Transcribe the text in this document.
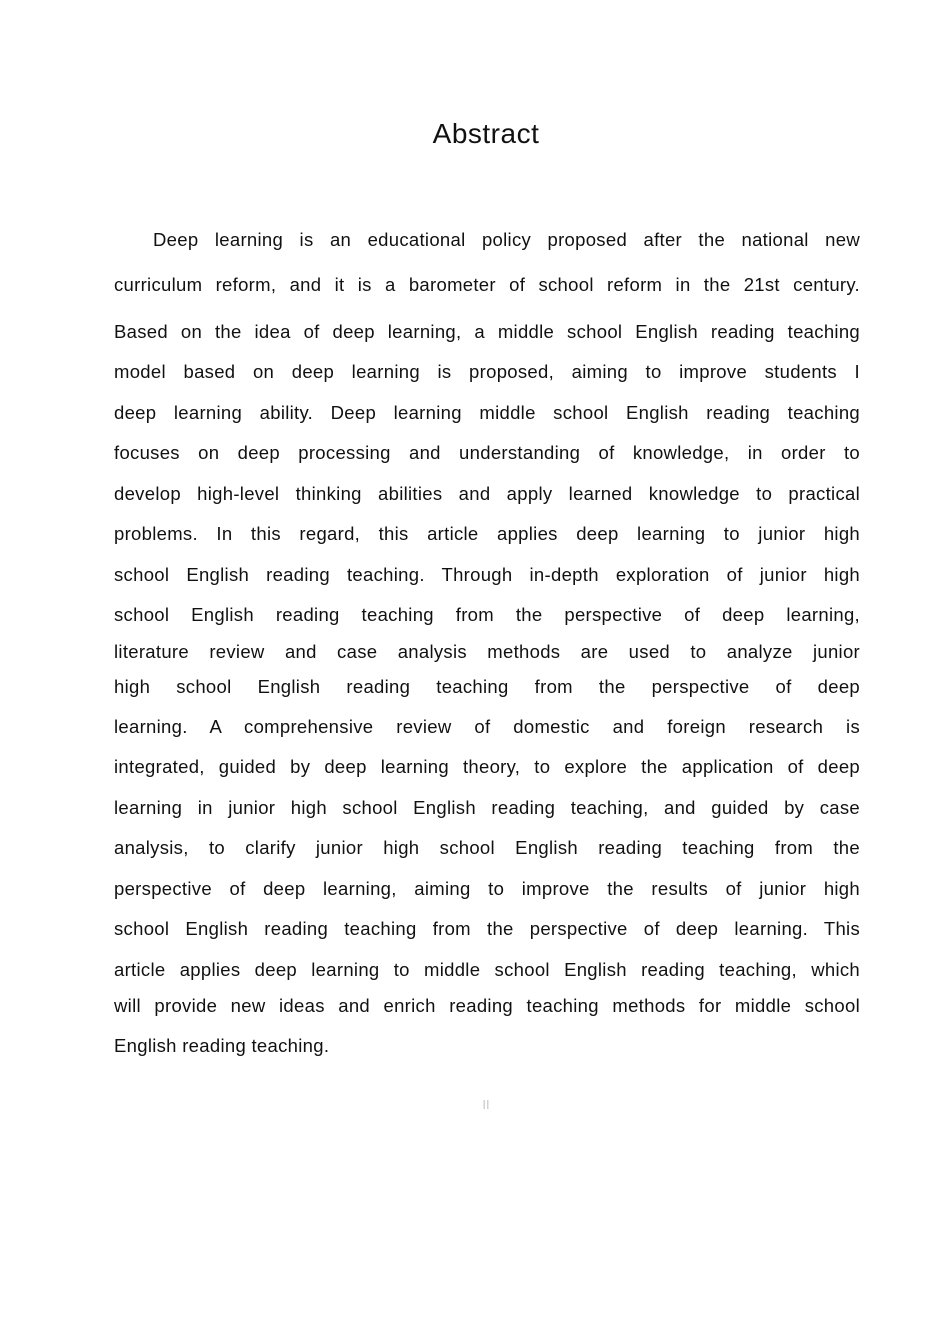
Abstract
Deep learning is an educational policy proposed after the national new
curriculum reform, and it is a barometer of school reform in the 21st century.
Based on the idea of deep learning, a middle school English reading teaching
model based on deep learning is proposed, aiming to improve students I
deep learning ability. Deep learning middle school English reading teaching
focuses on deep processing and understanding of knowledge, in order to
develop high-level thinking abilities and apply learned knowledge to practical
problems. In this regard, this article applies deep learning to junior high
school English reading teaching. Through in-depth exploration of junior high
school English reading teaching from the perspective of deep learning,
literature review and case analysis methods are used to analyze junior
high school English reading teaching from the perspective of deep
learning. A comprehensive review of domestic and foreign research is
integrated, guided by deep learning theory, to explore the application of deep
learning in junior high school English reading teaching, and guided by case
analysis, to clarify junior high school English reading teaching from the
perspective of deep learning, aiming to improve the results of junior high
school English reading teaching from the perspective of deep learning. This
article applies deep learning to middle school English reading teaching, which
will provide new ideas and enrich reading teaching methods for middle school
English reading teaching.
II
